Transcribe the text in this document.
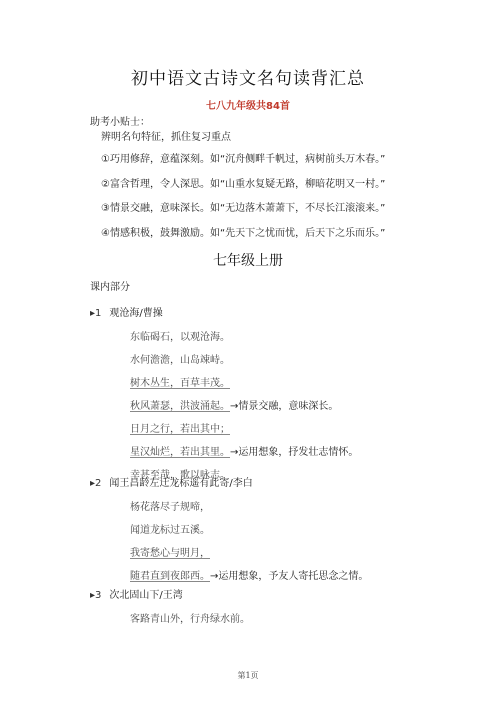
初中语文古诗文名句读背汇总
七八九年级共84首
助考小贴士：
辨明名句特征，抓住复习重点
①巧用修辞，意蕴深刻。如“沉舟侧畔千帆过，病树前头万木春。”
②富含哲理，令人深思。如“山重水复疑无路，柳暗花明又一村。”
③情景交融，意味深长。如“无边落木萧萧下，不尽长江滚滚来。”
④情感积极，鼓舞激励。如“先天下之忧而忧，后天下之乐而乐。”
七年级上册
课内部分
▸1 观沧海/曹操
东临碣石，以观沧海。
水何澹澹，山岛竦峙。
树木丛生，百草丰茂。
秋风萧瑟，洪波涌起。→情景交融，意味深长。
日月之行，若出其中；
星汉灿烂，若出其里。→运用想象，抒发壮志情怀。
幸甚至哉，歌以咏志。
▸2 闻王昌龄左迁龙标遥有此寄/李白
杨花落尽子规啼，
闻道龙标过五溪。
我寄愁心与明月，
随君直到夜郎西。→运用想象，予友人寄托思念之情。
▸3 次北固山下/王湾
客路青山外，行舟绿水前。
第1页
